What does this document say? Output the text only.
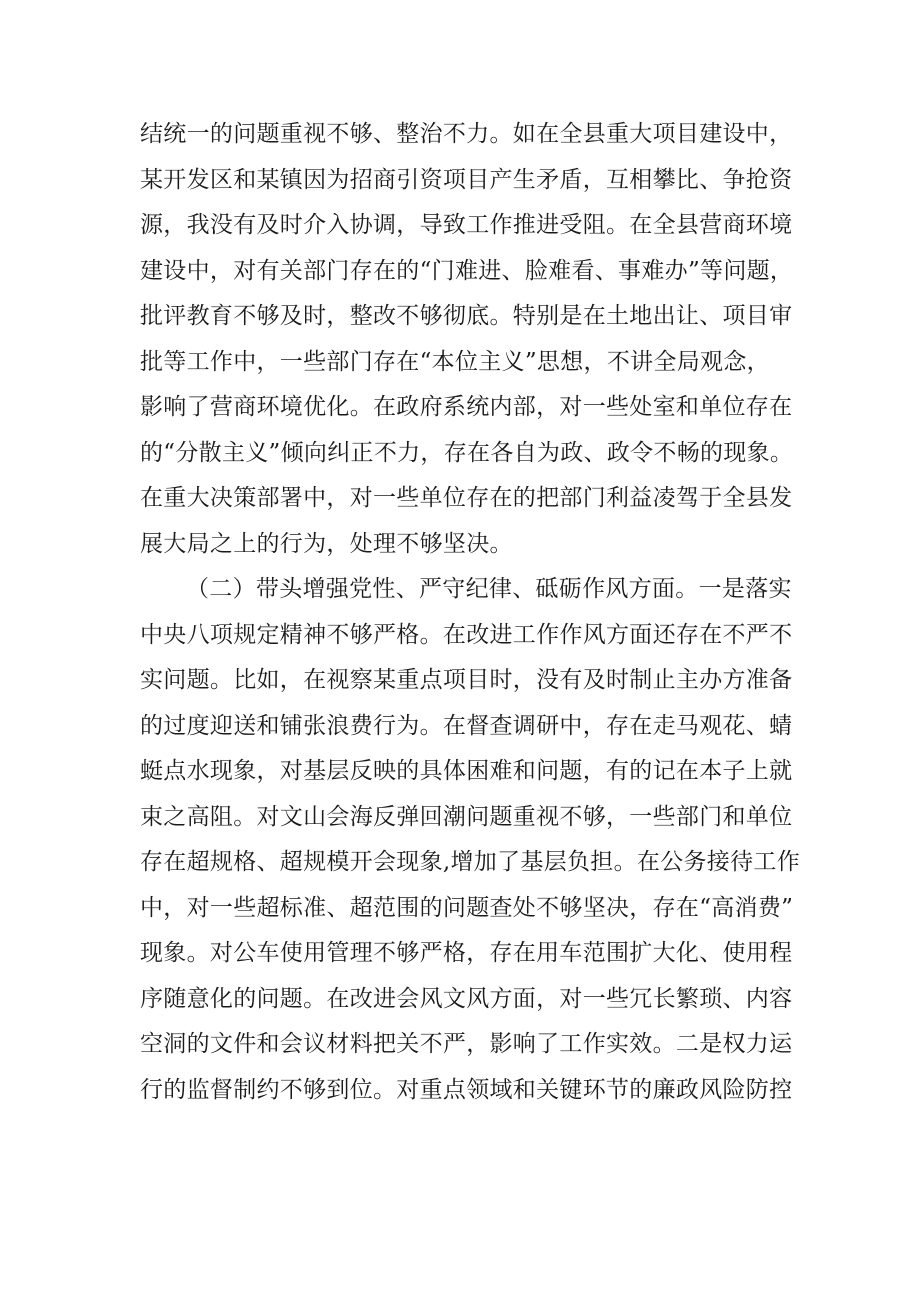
结统一的问题重视不够、整治不力。如在全县重大项目建设中，
某开发区和某镇因为招商引资项目产生矛盾，互相攀比、争抢资
源，我没有及时介入协调，导致工作推进受阻。在全县营商环境
建设中，对有关部门存在的“门难进、脸难看、事难办”等问题，
批评教育不够及时，整改不够彻底。特别是在土地出让、项目审
批等工作中，一些部门存在“本位主义”思想，不讲全局观念，
影响了营商环境优化。在政府系统内部，对一些处室和单位存在
的“分散主义”倾向纠正不力，存在各自为政、政令不畅的现象。
在重大决策部署中，对一些单位存在的把部门利益凌驾于全县发
展大局之上的行为，处理不够坚决。
（二）带头增强党性、严守纪律、砥砺作风方面。一是落实
中央八项规定精神不够严格。在改进工作作风方面还存在不严不
实问题。比如，在视察某重点项目时，没有及时制止主办方准备
的过度迎送和铺张浪费行为。在督查调研中，存在走马观花、蜻
蜓点水现象，对基层反映的具体困难和问题，有的记在本子上就
束之高阻。对文山会海反弹回潮问题重视不够，一些部门和单位
存在超规格、超规模开会现象,增加了基层负担。在公务接待工作
中，对一些超标准、超范围的问题查处不够坚决，存在“高消费”
现象。对公车使用管理不够严格，存在用车范围扩大化、使用程
序随意化的问题。在改进会风文风方面，对一些冗长繁琐、内容
空洞的文件和会议材料把关不严，影响了工作实效。二是权力运
行的监督制约不够到位。对重点领域和关键环节的廉政风险防控
